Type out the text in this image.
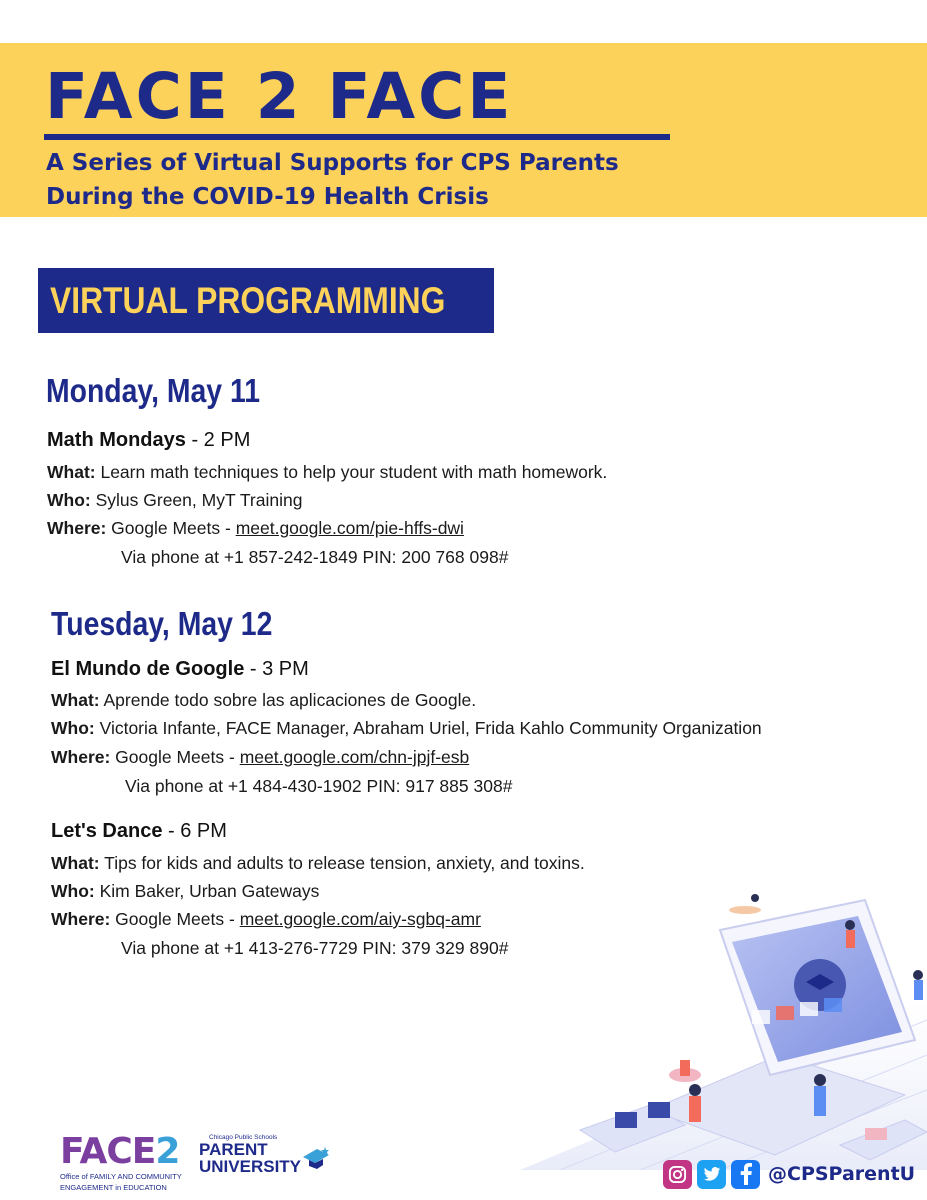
FACE 2 FACE
A Series of Virtual Supports for CPS Parents
During the COVID-19 Health Crisis
VIRTUAL PROGRAMMING
Monday, May 11
Math Mondays - 2 PM
What: Learn math techniques to help your student with math homework.
Who: Sylus Green, MyT Training
Where: Google Meets - meet.google.com/pie-hffs-dwi
Via phone at +1 857-242-1849 PIN: 200 768 098#
Tuesday, May 12
El Mundo de Google - 3 PM
What: Aprende todo sobre las aplicaciones de Google.
Who: Victoria Infante, FACE Manager, Abraham Uriel, Frida Kahlo Community Organization
Where: Google Meets - meet.google.com/chn-jpjf-esb
Via phone at +1 484-430-1902 PIN: 917 885 308#
Let's Dance - 6 PM
What: Tips for kids and adults to release tension, anxiety, and toxins.
Who: Kim Baker, Urban Gateways
Where: Google Meets - meet.google.com/aiy-sgbq-amr
Via phone at +1 413-276-7729 PIN: 379 329 890#
FACE2
Office of FAMILY AND COMMUNITY
ENGAGEMENT in EDUCATION
Chicago Public Schools
PARENT
UNIVERSITY	@CPSParentU
